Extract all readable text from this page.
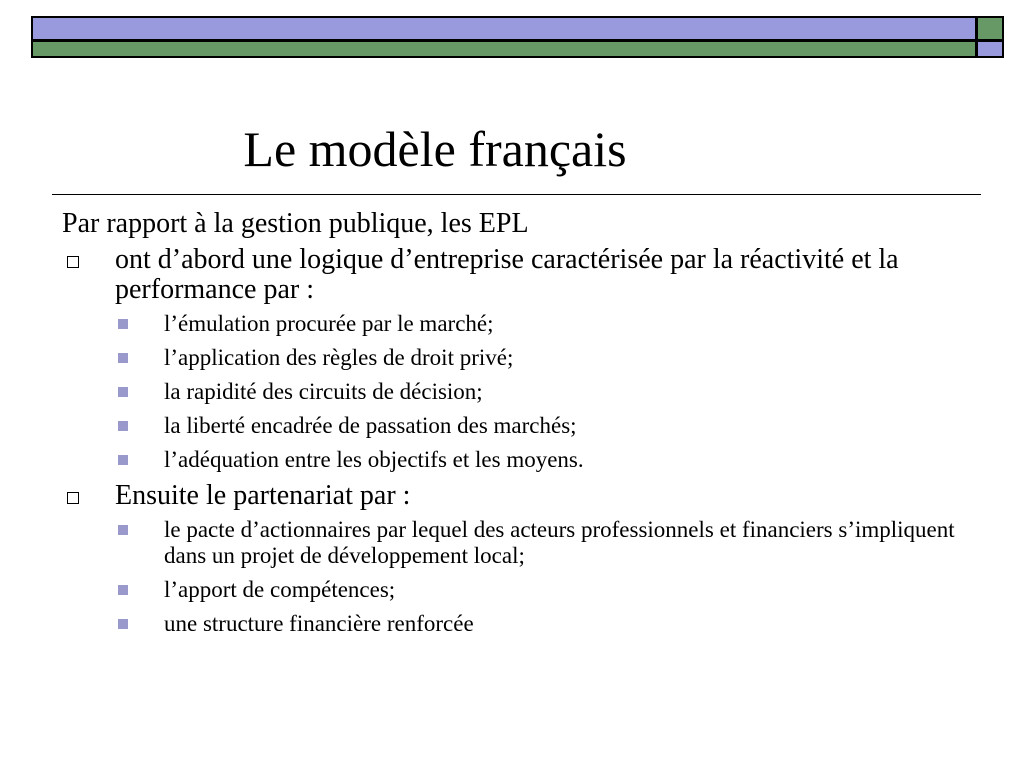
Le modèle français

Par rapport à la gestion publique, les EPL

ont d’abord une logique d’entreprise caractérisée par la réactivité et la performance par :

l’émulation procurée par le marché;

l’application des règles de droit privé;

la rapidité des circuits de décision;

la liberté encadrée de passation des marchés;

l’adéquation entre les objectifs et les moyens.

Ensuite le partenariat par :

le pacte d’actionnaires par lequel des acteurs professionnels et financiers s’impliquent dans un projet de développement local;

l’apport de compétences;

une structure financière renforcée
